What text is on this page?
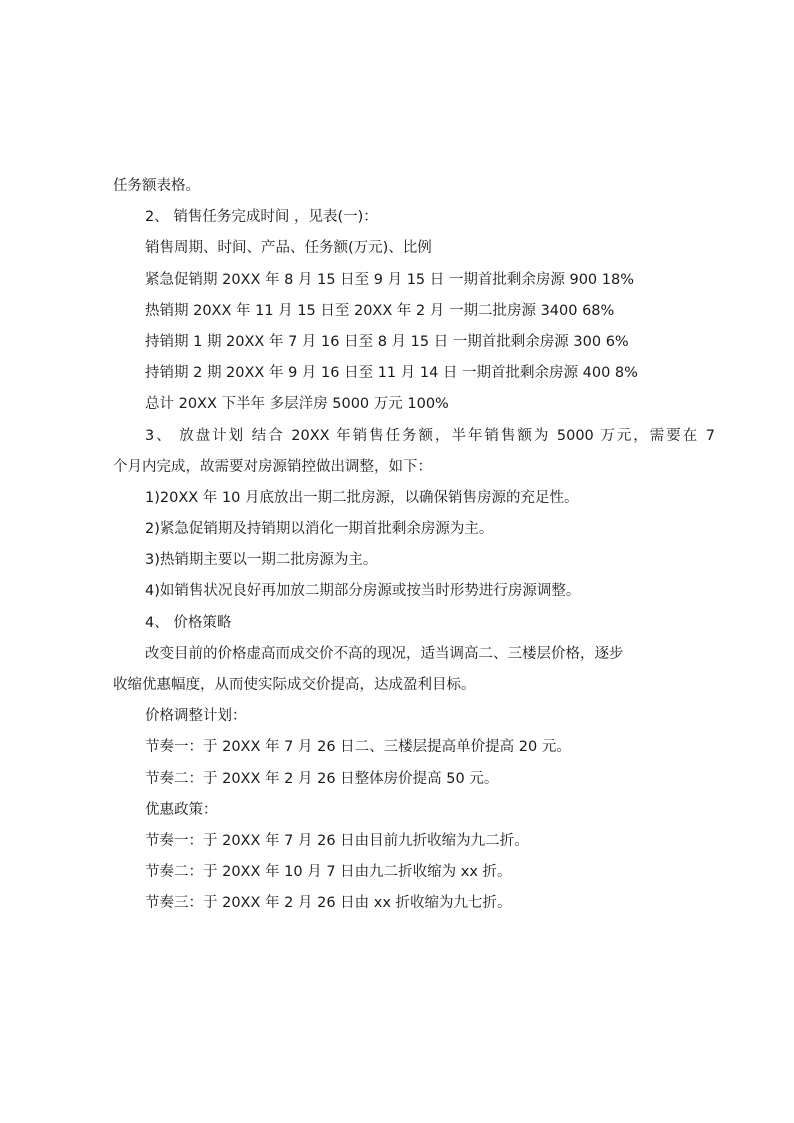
任务额表格。
2、 销售任务完成时间 ，见表(一)：
销售周期、时间、产品、任务额(万元)、比例
紧急促销期 20XX 年 8 月 15 日至 9 月 15 日 一期首批剩余房源 900 18%
热销期 20XX 年 11 月 15 日至 20XX 年 2 月 一期二批房源 3400 68%
持销期 1 期 20XX 年 7 月 16 日至 8 月 15 日 一期首批剩余房源 300 6%
持销期 2 期 20XX 年 9 月 16 日至 11 月 14 日 一期首批剩余房源 400 8%
总计 20XX 下半年 多层洋房 5000 万元 100%
3、 放盘计划 结合 20XX 年销售任务额，半年销售额为 5000 万元，需要在 7
个月内完成，故需要对房源销控做出调整，如下：
1)20XX 年 10 月底放出一期二批房源，以确保销售房源的充足性。
2)紧急促销期及持销期以消化一期首批剩余房源为主。
3)热销期主要以一期二批房源为主。
4)如销售状况良好再加放二期部分房源或按当时形势进行房源调整。
4、 价格策略
改变目前的价格虚高而成交价不高的现况，适当调高二、三楼层价格，逐步
收缩优惠幅度，从而使实际成交价提高，达成盈利目标。
价格调整计划：
节奏一：于 20XX 年 7 月 26 日二、三楼层提高单价提高 20 元。
节奏二：于 20XX 年 2 月 26 日整体房价提高 50 元。
优惠政策：
节奏一：于 20XX 年 7 月 26 日由目前九折收缩为九二折。
节奏二：于 20XX 年 10 月 7 日由九二折收缩为 xx 折。
节奏三：于 20XX 年 2 月 26 日由 xx 折收缩为九七折。
